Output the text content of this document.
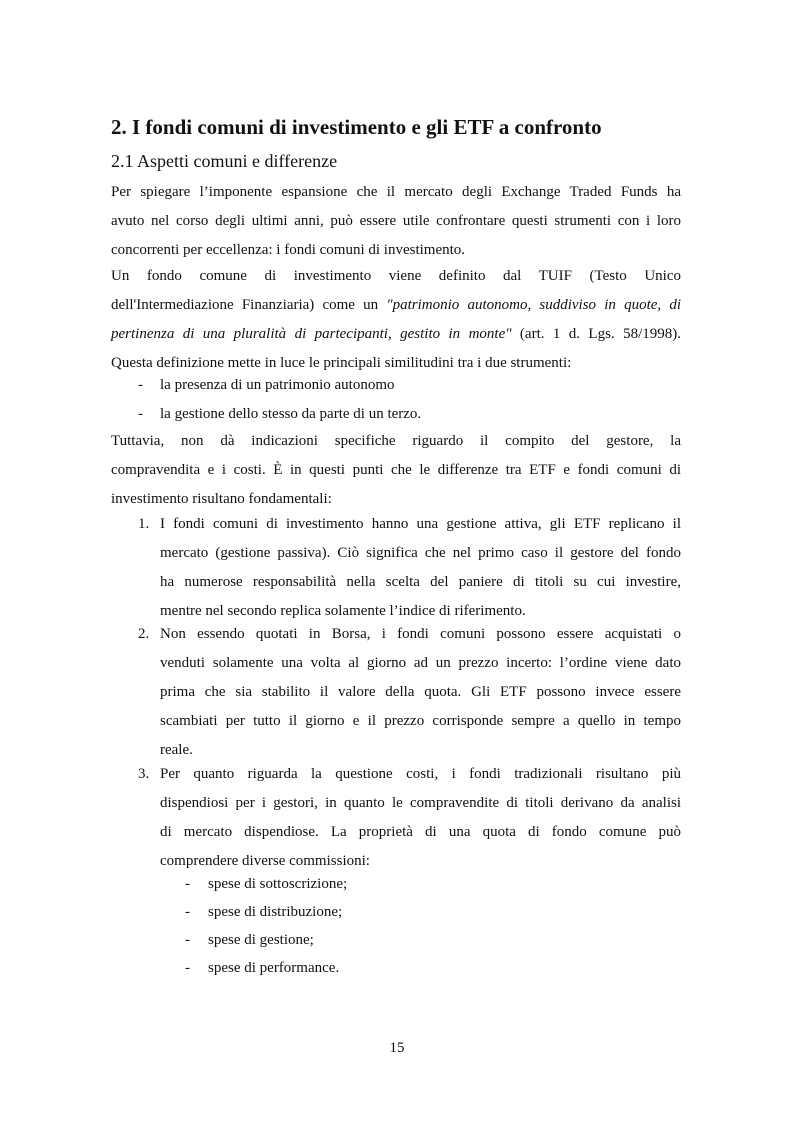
2. I fondi comuni di investimento e gli ETF a confronto
2.1 Aspetti comuni e differenze
Per spiegare l’imponente espansione che il mercato degli Exchange Traded Funds ha
avuto nel corso degli ultimi anni, può essere utile confrontare questi strumenti con i loro
concorrenti per eccellenza: i fondi comuni di investimento.
Un fondo comune di investimento viene definito dal TUIF (Testo Unico
dell'Intermediazione Finanziaria) come un "patrimonio autonomo, suddiviso in quote, di
pertinenza di una pluralità di partecipanti, gestito in monte" (art. 1 d. Lgs. 58/1998).
Questa definizione mette in luce le principali similitudini tra i due strumenti:
- la presenza di un patrimonio autonomo
- la gestione dello stesso da parte di un terzo.
Tuttavia, non dà indicazioni specifiche riguardo il compito del gestore, la
compravendita e i costi. È in questi punti che le differenze tra ETF e fondi comuni di
investimento risultano fondamentali:
1. I fondi comuni di investimento hanno una gestione attiva, gli ETF replicano il
mercato (gestione passiva). Ciò significa che nel primo caso il gestore del fondo
ha numerose responsabilità nella scelta del paniere di titoli su cui investire,
mentre nel secondo replica solamente l’indice di riferimento.
2. Non essendo quotati in Borsa, i fondi comuni possono essere acquistati o
venduti solamente una volta al giorno ad un prezzo incerto: l’ordine viene dato
prima che sia stabilito il valore della quota. Gli ETF possono invece essere
scambiati per tutto il giorno e il prezzo corrisponde sempre a quello in tempo
reale.
3. Per quanto riguarda la questione costi, i fondi tradizionali risultano più
dispendiosi per i gestori, in quanto le compravendite di titoli derivano da analisi
di mercato dispendiose. La proprietà di una quota di fondo comune può
comprendere diverse commissioni:
- spese di sottoscrizione;
- spese di distribuzione;
- spese di gestione;
- spese di performance.
15
